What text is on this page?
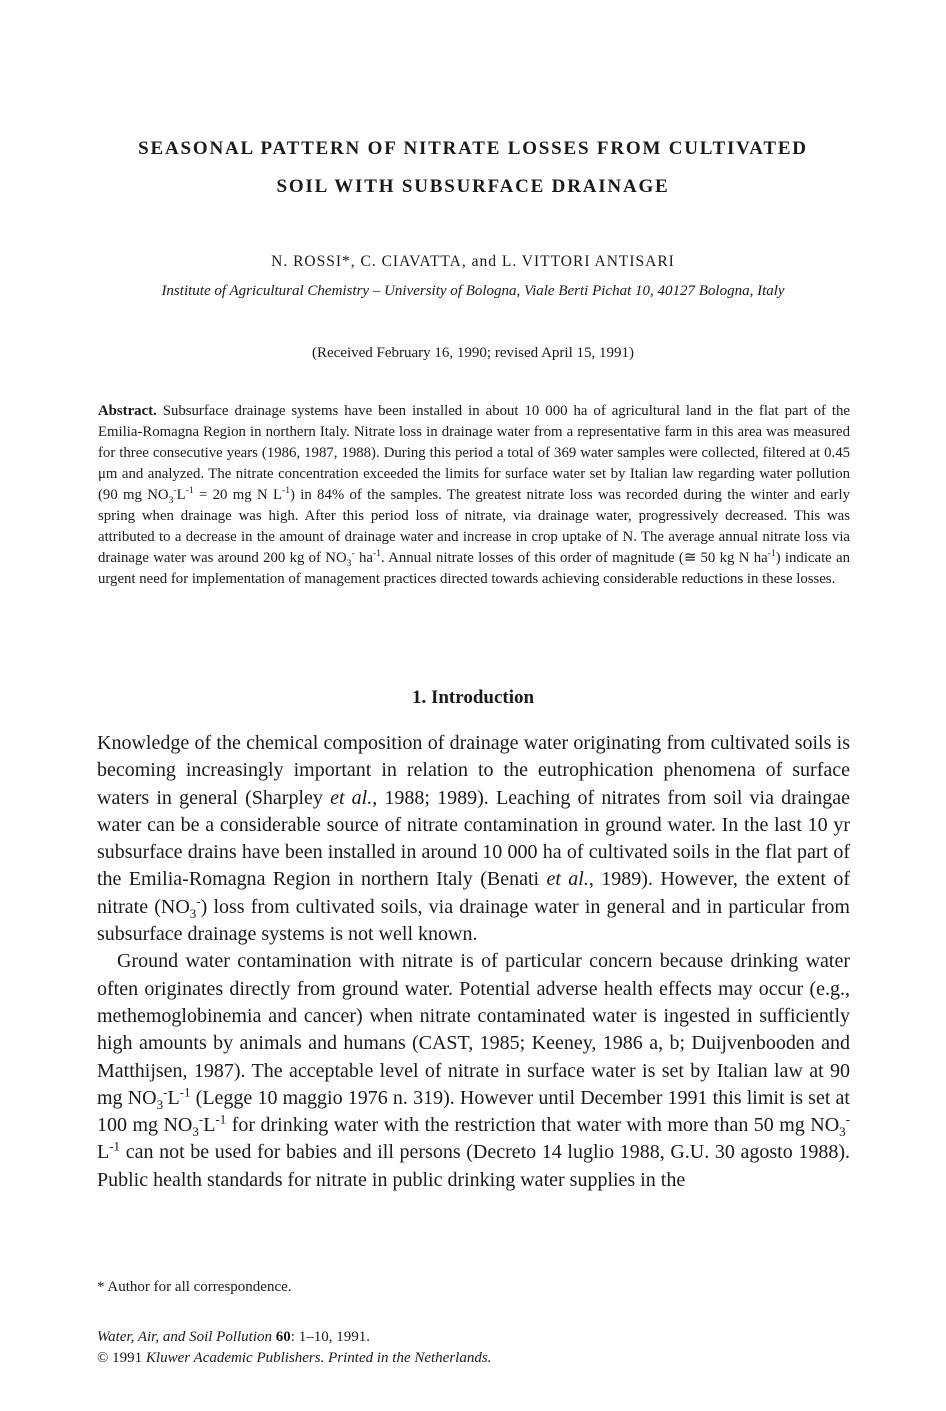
SEASONAL PATTERN OF NITRATE LOSSES FROM CULTIVATED
SOIL WITH SUBSURFACE DRAINAGE
N. ROSSI*, C. CIAVATTA, and L. VITTORI ANTISARI
Institute of Agricultural Chemistry – University of Bologna, Viale Berti Pichat 10, 40127 Bologna, Italy
(Received February 16, 1990; revised April 15, 1991)

Abstract. Subsurface drainage systems have been installed in about 10 000 ha of agricultural land in the flat part of the Emilia-Romagna Region in northern Italy. Nitrate loss in drainage water from a representative farm in this area was measured for three consecutive years (1986, 1987, 1988). During this period a total of 369 water samples were collected, filtered at 0.45 μm and analyzed. The nitrate concentration exceeded the limits for surface water set by Italian law regarding water pollution (90 mg $NO_3^-L^{-1} = 20$ mg N $L^{-1}$) in 84% of the samples. The greatest nitrate loss was recorded during the winter and early spring when drainage was high. After this period loss of nitrate, via drainage water, progressively decreased. This was attributed to a decrease in the amount of drainage water and increase in crop uptake of N. The average annual nitrate loss via drainage water was around 200 kg of $NO_3^-$ $ha^{-1}$. Annual nitrate losses of this order of magnitude (≅ 50 kg N $ha^{-1}$) indicate an urgent need for implementation of management practices directed towards achieving considerable reductions in these losses.

1. Introduction

Knowledge of the chemical composition of drainage water originating from cultivated soils is becoming increasingly important in relation to the eutrophication phenomena of surface waters in general (Sharpley et al., 1988; 1989). Leaching of nitrates from soil via draingae water can be a considerable source of nitrate contamination in ground water. In the last 10 yr subsurface drains have been installed in around 10 000 ha of cultivated soils in the flat part of the Emilia-Romagna Region in northern Italy (Benati et al., 1989). However, the extent of nitrate $(NO_3^-)$ loss from cultivated soils, via drainage water in general and in particular from subsurface drainage systems is not well known.

Ground water contamination with nitrate is of particular concern because drinking water often originates directly from ground water. Potential adverse health effects may occur (e.g., methemoglobinemia and cancer) when nitrate contaminated water is ingested in sufficiently high amounts by animals and humans (CAST, 1985; Keeney, 1986 a, b; Duijvenbooden and Matthijsen, 1987). The acceptable level of nitrate in surface water is set by Italian law at 90 mg $NO_3^-L^{-1}$ (Legge 10 maggio 1976 n. 319). However until December 1991 this limit is set at 100 mg $NO_3^-L^{-1}$ for drinking water with the restriction that water with more than 50 mg $NO_3^-L^{-1}$ can not be used for babies and ill persons (Decreto 14 luglio 1988, G.U. 30 agosto 1988). Public health standards for nitrate in public drinking water supplies in the

* Author for all correspondence.
Water, Air, and Soil Pollution 60: 1–10, 1991.
© 1991 Kluwer Academic Publishers. Printed in the Netherlands.
